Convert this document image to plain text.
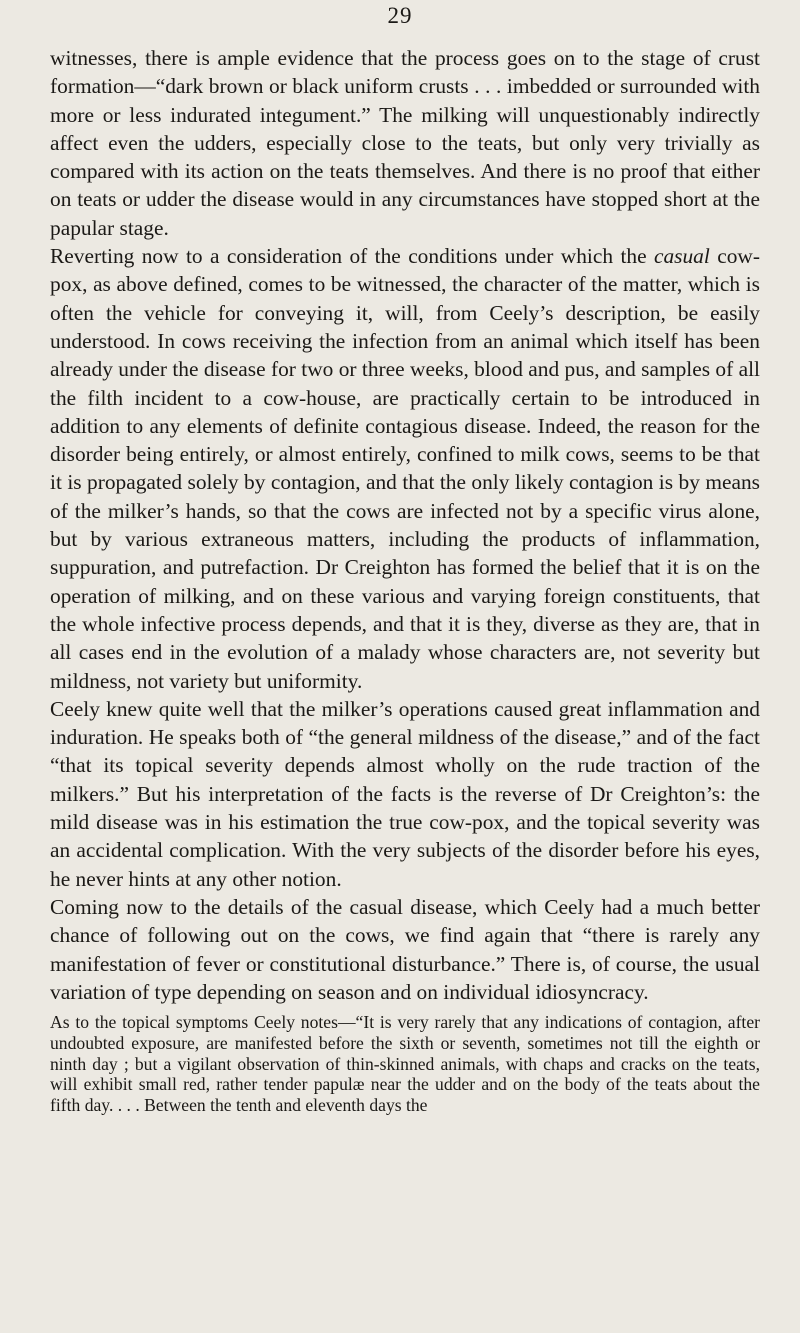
29

witnesses, there is ample evidence that the process goes on to the stage of crust formation—“dark brown or black uniform crusts . . . imbedded or surrounded with more or less indurated integument.” The milking will unquestionably indirectly affect even the udders, especially close to the teats, but only very trivially as compared with its action on the teats themselves. And there is no proof that either on teats or udder the disease would in any circumstances have stopped short at the papular stage.

Reverting now to a consideration of the conditions under which the casual cow-pox, as above defined, comes to be witnessed, the character of the matter, which is often the vehicle for conveying it, will, from Ceely’s description, be easily understood. In cows receiving the infection from an animal which itself has been already under the disease for two or three weeks, blood and pus, and samples of all the filth incident to a cow-house, are practically certain to be introduced in addition to any elements of definite contagious disease. Indeed, the reason for the disorder being entirely, or almost entirely, confined to milk cows, seems to be that it is propagated solely by contagion, and that the only likely contagion is by means of the milker’s hands, so that the cows are infected not by a specific virus alone, but by various extraneous matters, including the products of inflammation, suppuration, and putrefaction. Dr Creighton has formed the belief that it is on the operation of milking, and on these various and varying foreign constituents, that the whole infective process depends, and that it is they, diverse as they are, that in all cases end in the evolution of a malady whose characters are, not severity but mildness, not variety but uniformity.

Ceely knew quite well that the milker’s operations caused great inflammation and induration. He speaks both of “the general mildness of the disease,” and of the fact “that its topical severity depends almost wholly on the rude traction of the milkers.” But his interpretation of the facts is the reverse of Dr Creighton’s: the mild disease was in his estimation the true cow-pox, and the topical severity was an accidental complication. With the very subjects of the disorder before his eyes, he never hints at any other notion.

Coming now to the details of the casual disease, which Ceely had a much better chance of following out on the cows, we find again that “there is rarely any manifestation of fever or constitutional disturbance.” There is, of course, the usual variation of type depending on season and on individual idiosyncracy.

As to the topical symptoms Ceely notes—“It is very rarely that any indications of contagion, after undoubted exposure, are manifested before the sixth or seventh, sometimes not till the eighth or ninth day ; but a vigilant observation of thin-skinned animals, with chaps and cracks on the teats, will exhibit small red, rather tender papulæ near the udder and on the body of the teats about the fifth day. . . . Between the tenth and eleventh days the
